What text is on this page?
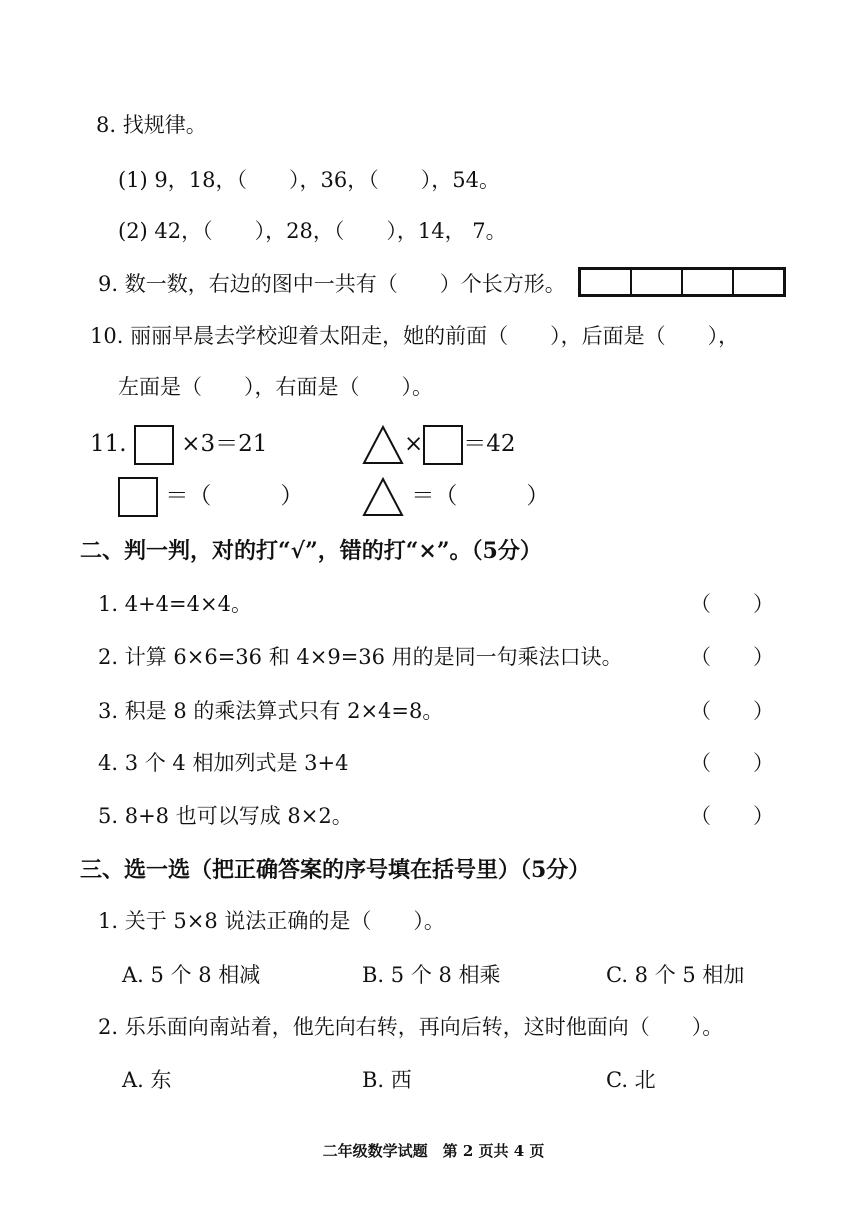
8. 找规律。
(1) 9，18，（　　），36，（　　），54。
(2) 42，（　　），28，（　　），14， 7。
9. 数一数，右边的图中一共有（　　）个长方形。
10. 丽丽早晨去学校迎着太阳走，她的前面（　　），后面是（　　），
左面是（　　），右面是（　　）。
11. ×3＝21	× ＝42
＝（　　　）	＝（　　　）
二、判一判，对的打“√”，错的打“×”。（5分）
1. 4+4=4×4。	（　　）
2. 计算 6×6=36 和 4×9=36 用的是同一句乘法口诀。	（　　）
3. 积是 8 的乘法算式只有 2×4=8。	（　　）
4. 3 个 4 相加列式是 3+4	（　　）
5. 8+8 也可以写成 8×2。	（　　）
三、选一选（把正确答案的序号填在括号里）（5分）
1. 关于 5×8 说法正确的是（　　）。
A. 5 个 8 相减	B. 5 个 8 相乘	C. 8 个 5 相加
2. 乐乐面向南站着，他先向右转，再向后转，这时他面向（　　）。
A. 东	B. 西	C. 北
二年级数学试题　第 2 页共 4 页
